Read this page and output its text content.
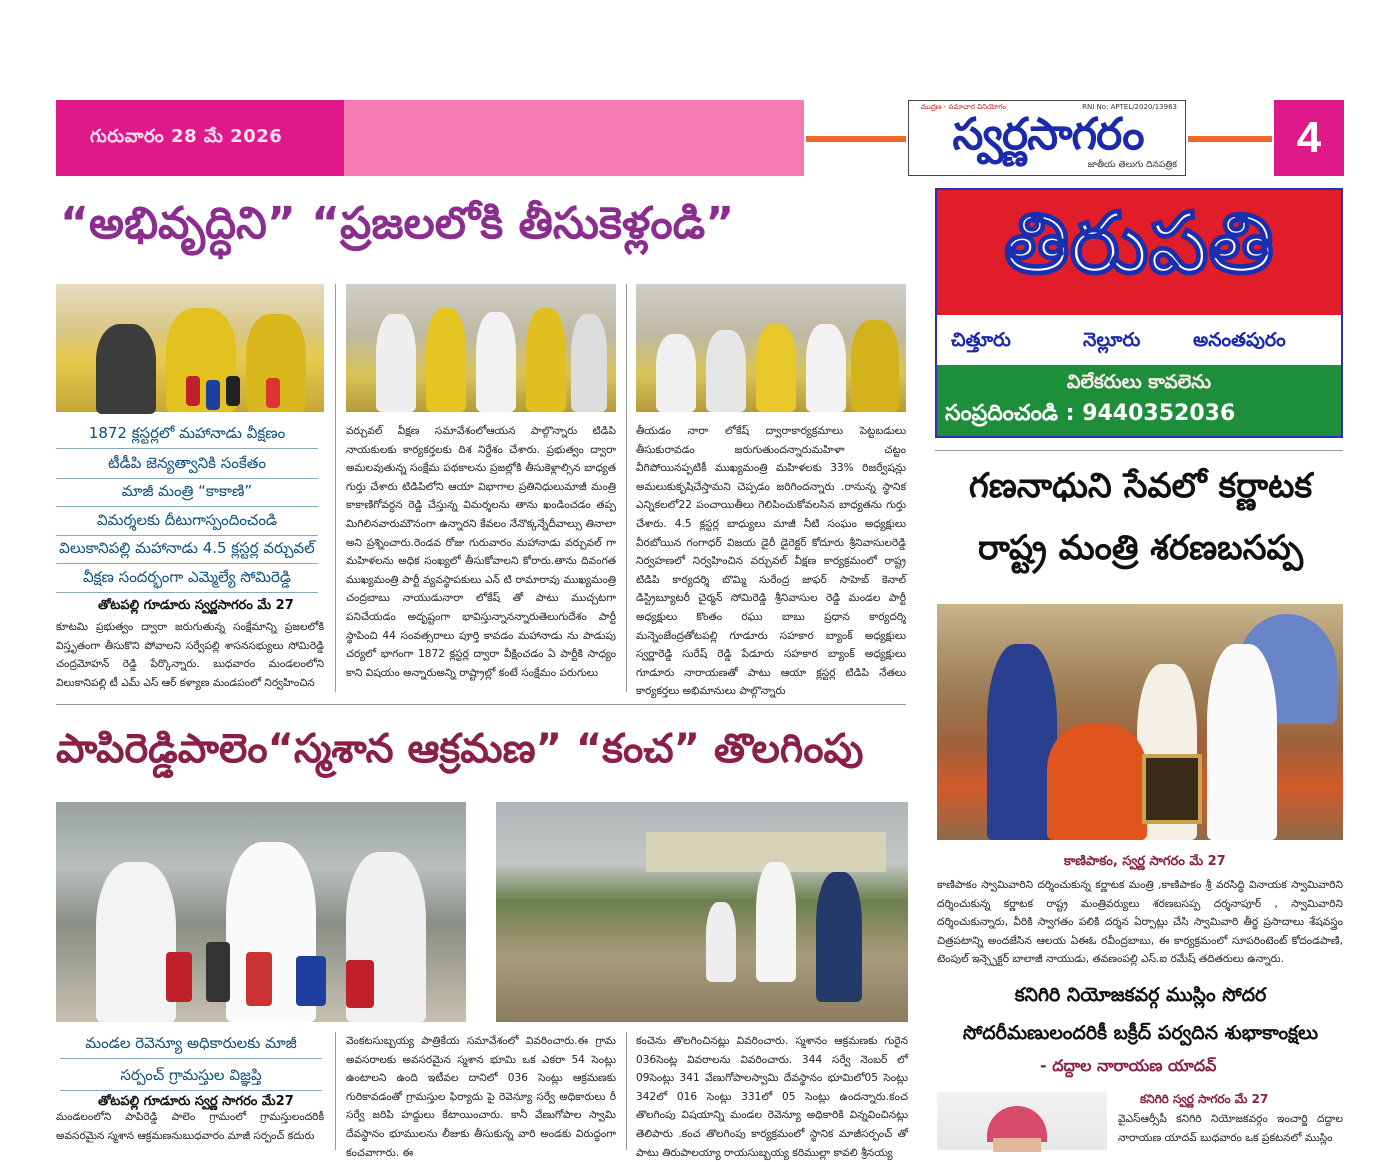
గురువారం 28 మే 2026
ముద్రణ - సమాచార వినియోగం	RNI No: APTEL/2020/13963
స్వర్ణసాగరం
జాతీయ తెలుగు దినపత్రిక
4
“అభివృద్ధిని” “ప్రజలలోకి తీసుకెళ్లండి”
1872 క్లస్టర్లలో మహానాడు వీక్షణం
టీడీపి జెన్యత్వానికి సంకేతం
మాజీ మంత్రి “కాకాణి”
విమర్శలకు దీటుగాస్పందించండి
విలుకానిపల్లి మహానాడు 4.5 క్లస్టర్ల వర్చువల్
వీక్షణ సందర్భంగా ఎమ్మెల్యే సోమిరెడ్డి
తోటపల్లి గూడూరు స్వర్ణసాగరం మే 27
కూటమి ప్రభుత్వం ద్వారా జరుగుతున్న సంక్షేమాన్ని ప్రజలలోకి విస్తృతంగా తీసుకొని పోవాలని సర్వేపల్లి శాసనసభ్యులు సోమిరెడ్డి చంద్రమోహన్ రెడ్డి పేర్కొన్నారు. బుధవారం మండలంలోని విలుకానిపల్లి టీ ఎమ్ ఎస్ ఆర్ కళ్యాణ మండపంలో నిర్వహించిన
వర్చువల్ వీక్షణ సమావేశంలోఆయన పాల్గొన్నారు టిడిపి నాయకులకు కార్యకర్తలకు దిశ నిర్దేశం చేశారు. ప్రభుత్వం ద్వారా అమలవుతున్న సంక్షేమ పథకాలను ప్రజల్లోకి తీసుకెళ్లాల్సిన బాధ్యత గుర్తు చేశారు టిడిపిలోని ఆయా విభాగాల ప్రతినిధులుమాజీ మంత్రి కాకాణిగోవర్ధన రెడ్డి చేస్తున్న విమర్శలను తాను ఖండించడం తప్ప మిగిలినవారుమౌనంగా ఉన్నారని కేవలం నేనొక్కన్నేదీవాల్సు తినాలా అని ప్రశ్నించారు.రెండవ రోజు గురువారం మహానాడు వర్చువల్ గా మహిళలను అధిక సంఖ్యలో తీసుకోవాలని కోరారు.తాను దివంగత ముఖ్యమంత్రి పార్టీ వ్యవస్థాపకులు ఎన్ టి రామారావు ముఖ్యమంత్రి చంద్రబాబు నాయుడునారా లోకేష్ తో పాటు ముచ్చటగా పనిచేయడం అదృష్టంగా భావిస్తున్నానన్నారుతెలుగుదేశం పార్టీ స్థాపించి 44 సంవత్సరాలు పూర్తి కావడం మహానాడు ను పాడుపు చర్యలో భాగంగా 1872 క్లస్టర్ల ద్వారా వీక్షించడం ఏ పార్టీకి సాధ్యం కాని విషయం అన్నారుఅన్ని రాష్ట్రాల్లో కంటే సంక్షేమం పరుగులు
తీయడం నారా లోకేష్ ద్వారాకార్యక్రమాలు పెట్టబడులు తీసుకురావడం జరుగుతుందన్నారుమహిళా చట్టం వీగిపోయినప్పటికీ ముఖ్యమంత్రి మహిళలకు 33% రిజర్వేషన్లు అమలుకుకృషిచేస్తామని చెప్పడం జరిగిందన్నారు .రానున్న స్థానిక ఎన్నికలలో22 పంచాయితీలు గెలిపించుకోవలసిన బాధ్యతను గుర్తు చేశారు. 4.5 క్లస్టర్ల బాధ్యులు మాజీ నీటి సంఘం అధ్యక్షులు వీరబోయిన గంగాధర్ విజయ డైరీ డైరెక్టర్ కోదూరు శ్రీనివాసులరెడ్డి నిర్వహణలో నిర్వహించిన వర్చువల్ వీక్షణ కార్యక్రమంలో రాష్ట్ర టిడిపి కార్యదర్శి బొమ్మి సురేంద్ర జాఫర్ సాహెబ్ కెనాల్ డిస్ట్రిబ్యూటరీ చైర్మన్ సోమిరెడ్డి శ్రీనివాసుల రెడ్డి మండల పార్టీ అధ్యక్షులు కొంతం రఘు బాబు ప్రధాన కార్యదర్శి మన్నెంజేంద్రతోటపల్లి గూడూరు సహకార బ్యాంక్ అధ్యక్షులు స్వర్ణారెడ్డి సురేష్ రెడ్డి పేడూరు సహకార బ్యాంక్ అధ్యక్షులు గూడూరు నారాయణతో పాటు ఆయా క్లస్టర్ల టిడిపి నేతలు కార్యకర్తలు అభిమానులు పాల్గొన్నారు
పాపిరెడ్డిపాలెం“స్మశాన ఆక్రమణ” “కంచ” తొలగింపు
మండల రెవెన్యూ అధికారులకు మాజీ
సర్పంచ్ గ్రామస్తుల విజ్ఞప్తి
తోటపల్లి గూడూరు స్వర్ణ సాగరం మే27
మండలంలోని పాపిరెడ్డి పాలెం గ్రామంలో గ్రామస్తులందరికీ అవసరమైన స్మశాన ఆక్రమణనుబుధవారం మాజీ సర్పంచ్ కదురు
వెంకటసుబ్బయ్య పాత్రికేయ సమావేశంలో వివరించారు.ఈ గ్రామ అవసరాలకు అవసరమైన స్మశాన భూమి ఒక ఎకరా 54 సెంట్లు ఉంటాలని ఉంది ఇటీవల దానిలో 036 సెంట్లు ఆక్రమణకు గురికావడంతో గ్రామస్తుల ఫిర్యాదు పై రెవెన్యూ సర్వే అధికారులు రీ సర్వే జరిపి హద్దులు కేటాయించారు. కానీ వేణుగోపాల స్వామి దేవస్థానం భూములను లీజుకు తీసుకున్న వారి అండకు విరుద్ధంగా కంచవాగారు. ఈ
కంచెను తొలగించినట్లు వివరించారు. స్మశానం ఆక్రమణకు గురైన 036సెంట్ల వివరాలను వివరించారు. 344 సర్వే నెంబర్ లో 09సెంట్లు 341 వేణుగోపాలస్వామి దేవస్థానం భూమిలో05 సెంట్లు 342లో 016 సెంట్లు 331లో 05 సెంట్లు ఉందన్నారు.కంచ తొలగింపు విషయాన్ని మండల రెవెన్యూ అధికారికి విన్నవించినట్లు తెలిపారు .కంచ తొలగింపు కార్యక్రమంలో స్థానిక మాజీసర్పంచ్ తో పాటు తిరుపాలయ్యా రాయసుబ్బయ్య కరిముల్లా కావలి శ్రీనయ్య
తిరుపతి
చిత్తూరు	నెల్లూరు	అనంతపురం
విలేకరులు కావలెను
సంప్రదించండి : 9440352036
గణనాధుని సేవలో కర్ణాటక
రాష్ట్ర మంత్రి శరణబసప్ప
కాణిపాకం, స్వర్ణ సాగరం మే 27
కాణిపాకం స్వామివారిని దర్శించుకున్న కర్ణాటక మంత్రి ,కాణిపాకం శ్రీ వరసిద్ధి వినాయక స్వామివారిని దర్శించుకున్న కర్ణాటక రాష్ట్ర మంత్రివర్యులు శరణబసప్ప దర్శనాపూర్ , స్వామివారిని దర్శించుకున్నారు, వీరికి స్వాగతం పలికి దర్శన ఏర్పాట్లు చేసి స్వామివారి తీర్థ ప్రసాదాలు శేషవస్త్రం చిత్రపటాన్ని అందజేసిన ఆలయ ఏఈఓ రవీంద్రబాబు, ఈ కార్యక్రమంలో సూపరింటెంట్ కోదండపాణి, టెంపుల్ ఇన్స్పెక్టర్ బాలాజీ నాయుడు, తవణంపల్లి ఎస్.ఐ రమేష్ తదితరులు ఉన్నారు.
కనిగిరి నియోజకవర్గ ముస్లిం సోదర
సోదరీమణులందరికీ బక్రీద్ పర్వదిన శుభాకాంక్షలు
- దద్దాల నారాయణ యాదవ్
కనిగిరి స్వర్ణ సాగరం మే 27
వైఎస్ఆర్సీపీ కనిగిరి నియోజకవర్గం ఇంచార్జి దద్దాల నారాయణ యాదవ్ బుధవారం ఒక ప్రకటనలో ముస్లిం
